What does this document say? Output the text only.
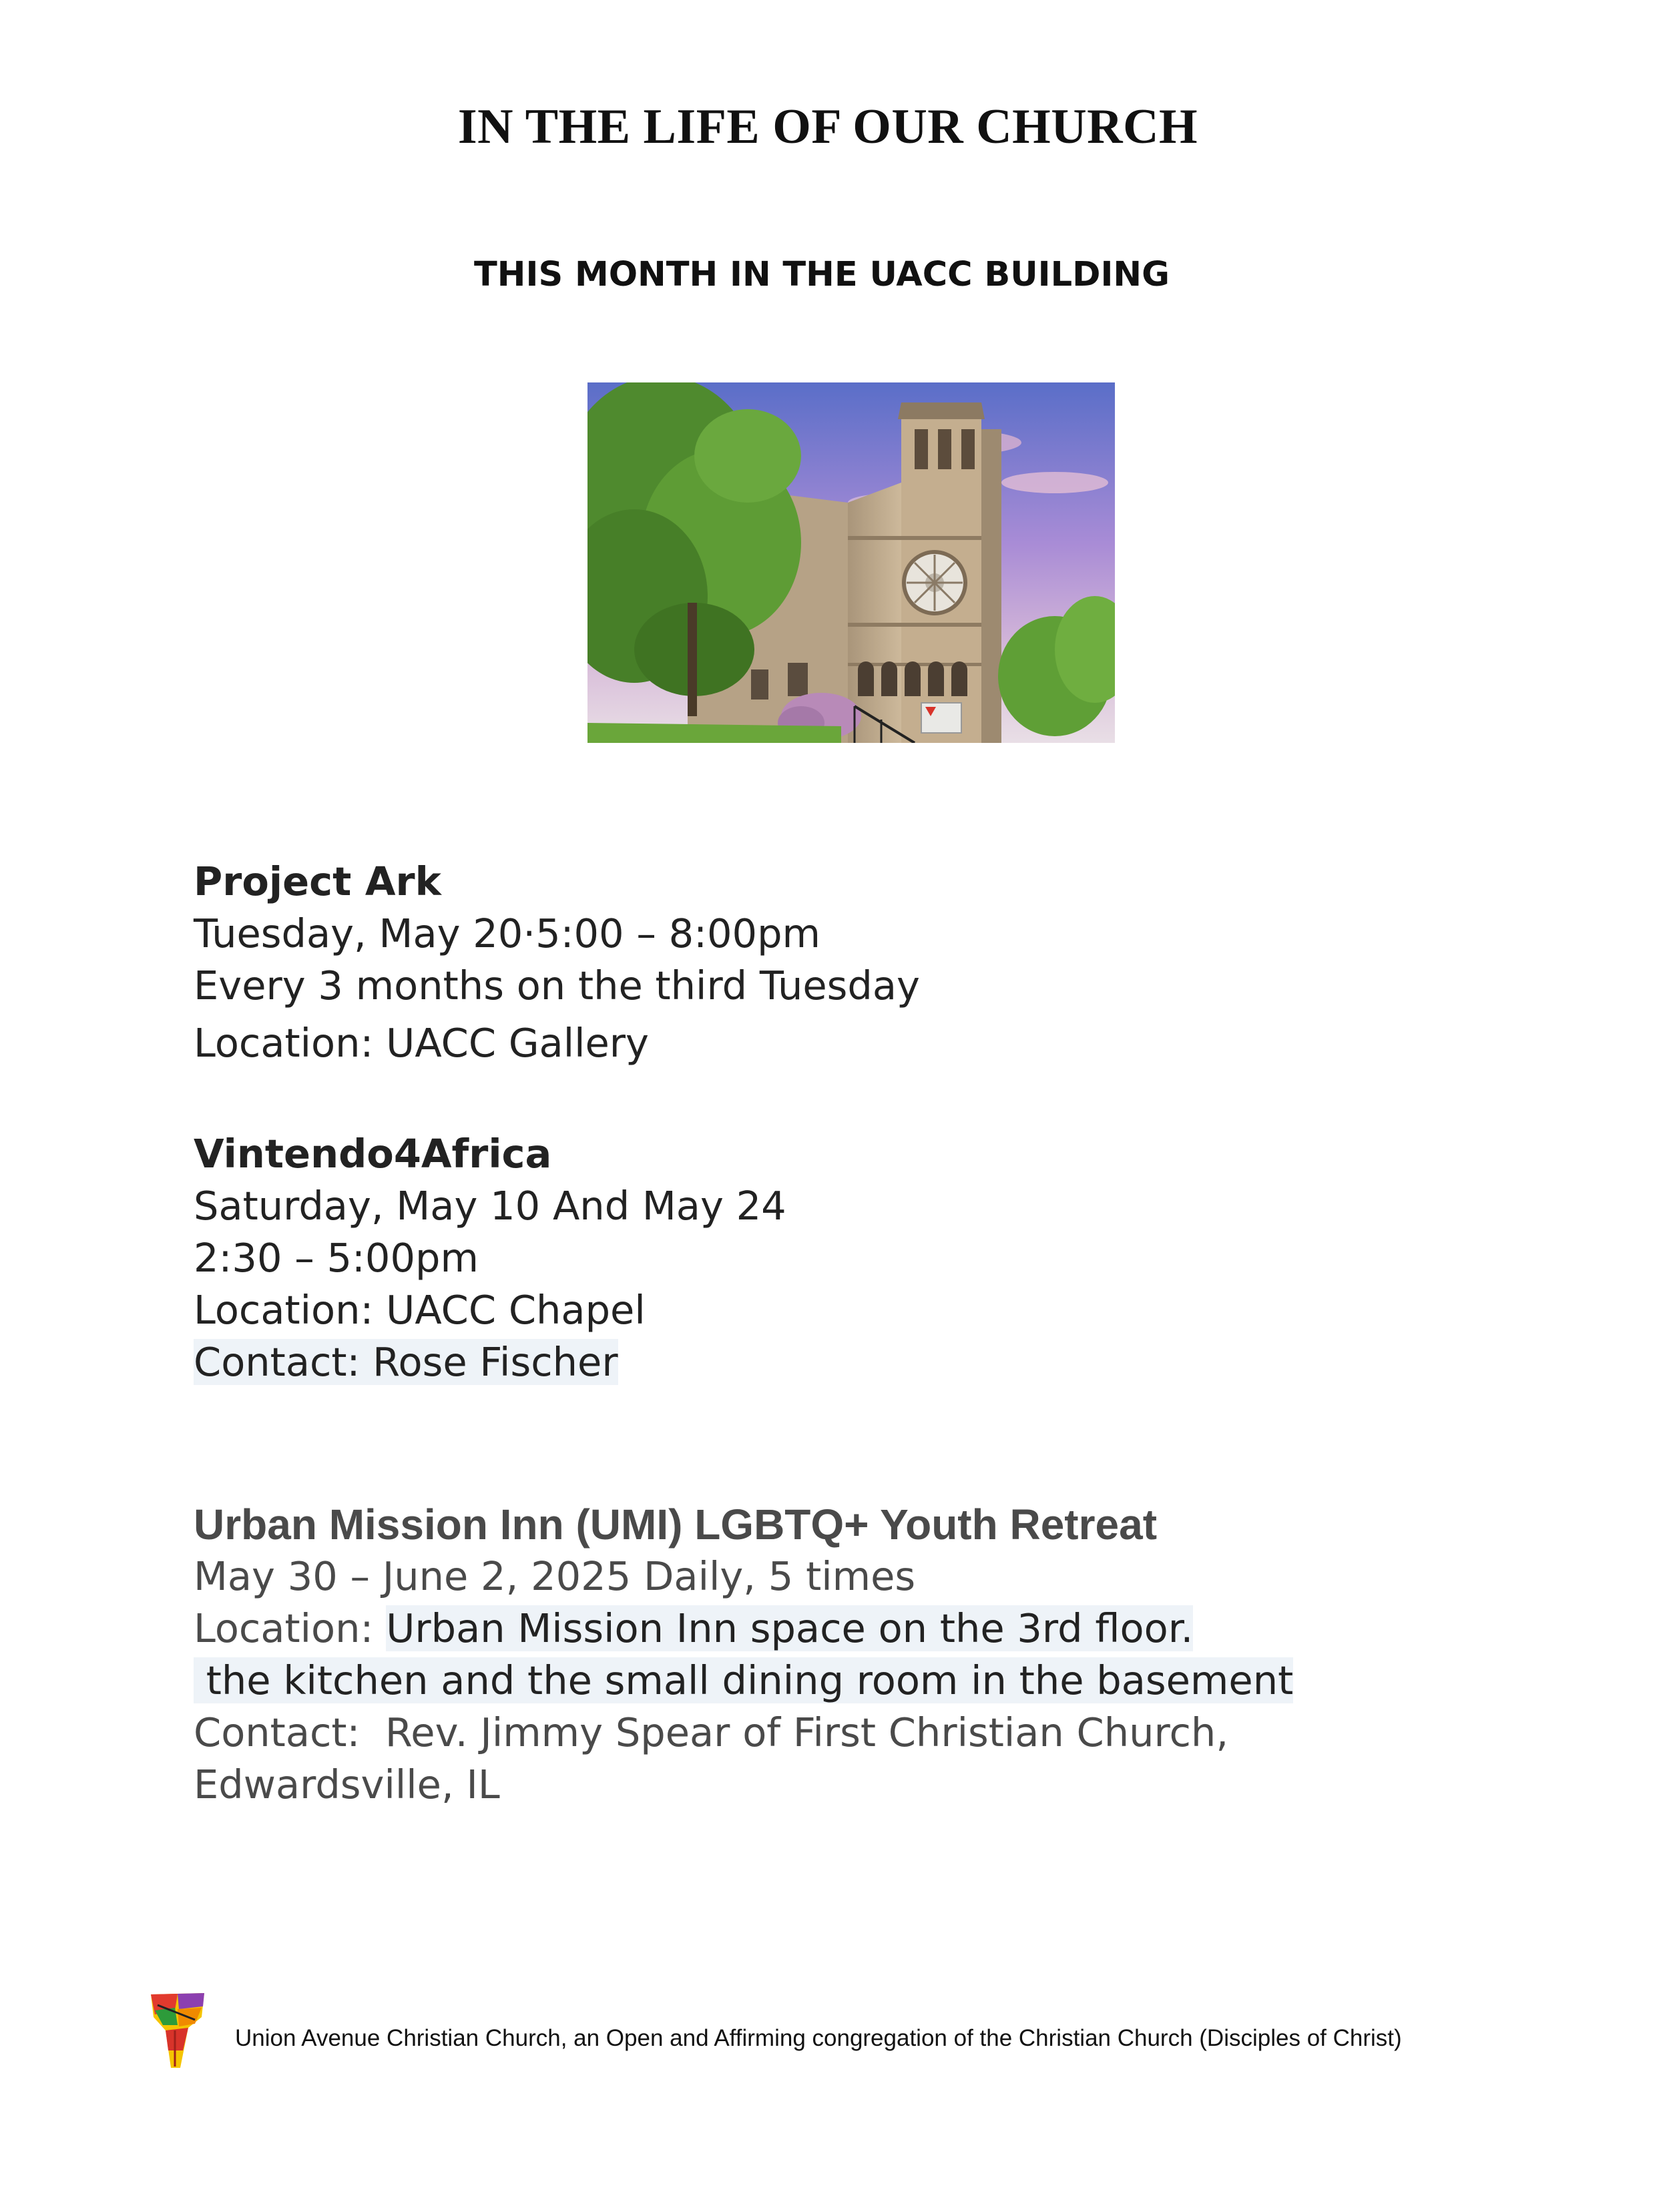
IN THE LIFE OF OUR CHURCH
THIS MONTH IN THE UACC BUILDING
Project Ark
Tuesday, May 20·5:00 – 8:00pm
Every 3 months on the third Tuesday
Location: UACC Gallery
Vintendo4Africa
Saturday, May 10 And May 24
2:30 – 5:00pm
Location: UACC Chapel
Contact: Rose Fischer
Urban Mission Inn (UMI) LGBTQ+ Youth Retreat
May 30 – June 2, 2025 Daily, 5 times
Location: Urban Mission Inn space on the 3rd floor.
the kitchen and the small dining room in the basement
Contact:  Rev. Jimmy Spear of First Christian Church,
Edwardsville, IL
Union Avenue Christian Church, an Open and Affirming congregation of the Christian Church (Disciples of Christ)
